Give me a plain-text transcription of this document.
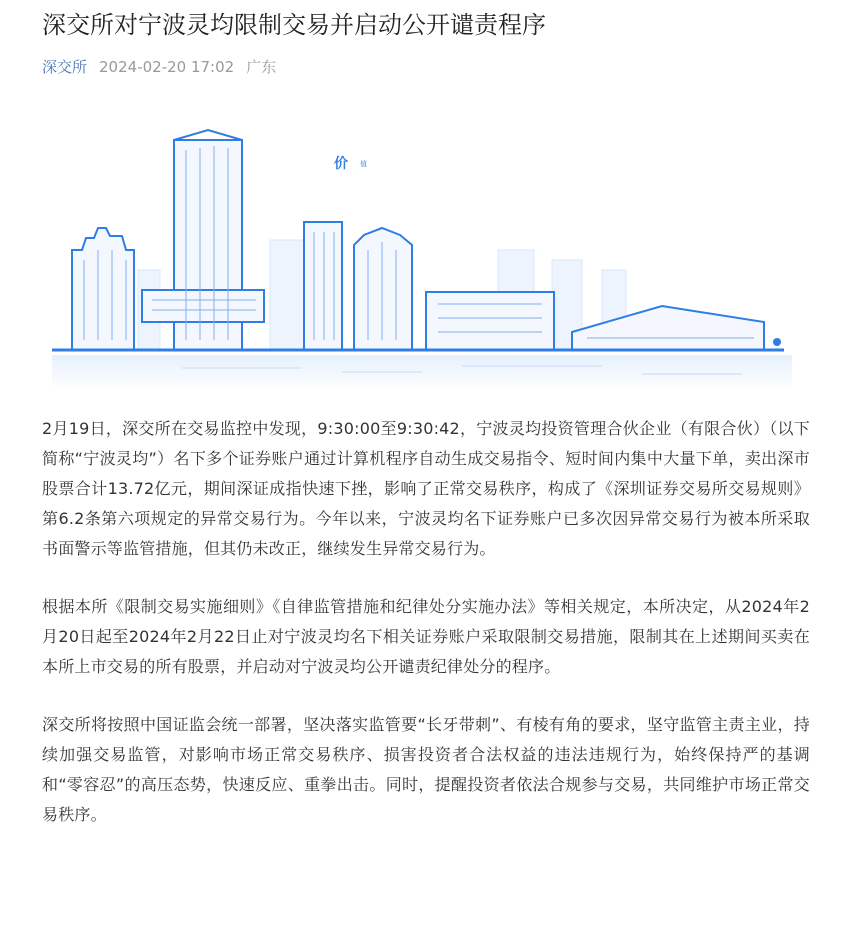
深交所对宁波灵均限制交易并启动公开谴责程序
深交所 2024-02-20 17:02 广东
价 值

2月19日，深交所在交易监控中发现，9:30:00至9:30:42，宁波灵均投资管理合伙企业（有限合伙）（以下简称“宁波灵均”）名下多个证券账户通过计算机程序自动生成交易指令、短时间内集中大量下单，卖出深市股票合计13.72亿元，期间深证成指快速下挫，影响了正常交易秩序，构成了《深圳证券交易所交易规则》第6.2条第六项规定的异常交易行为。今年以来，宁波灵均名下证券账户已多次因异常交易行为被本所采取书面警示等监管措施，但其仍未改正，继续发生异常交易行为。

根据本所《限制交易实施细则》《自律监管措施和纪律处分实施办法》等相关规定，本所决定，从2024年2月20日起至2024年2月22日止对宁波灵均名下相关证券账户采取限制交易措施，限制其在上述期间买卖在本所上市交易的所有股票，并启动对宁波灵均公开谴责纪律处分的程序。

深交所将按照中国证监会统一部署，坚决落实监管要“长牙带刺”、有棱有角的要求，坚守监管主责主业，持续加强交易监管，对影响市场正常交易秩序、损害投资者合法权益的违法违规行为，始终保持严的基调和“零容忍”的高压态势，快速反应、重拳出击。同时，提醒投资者依法合规参与交易，共同维护市场正常交易秩序。
